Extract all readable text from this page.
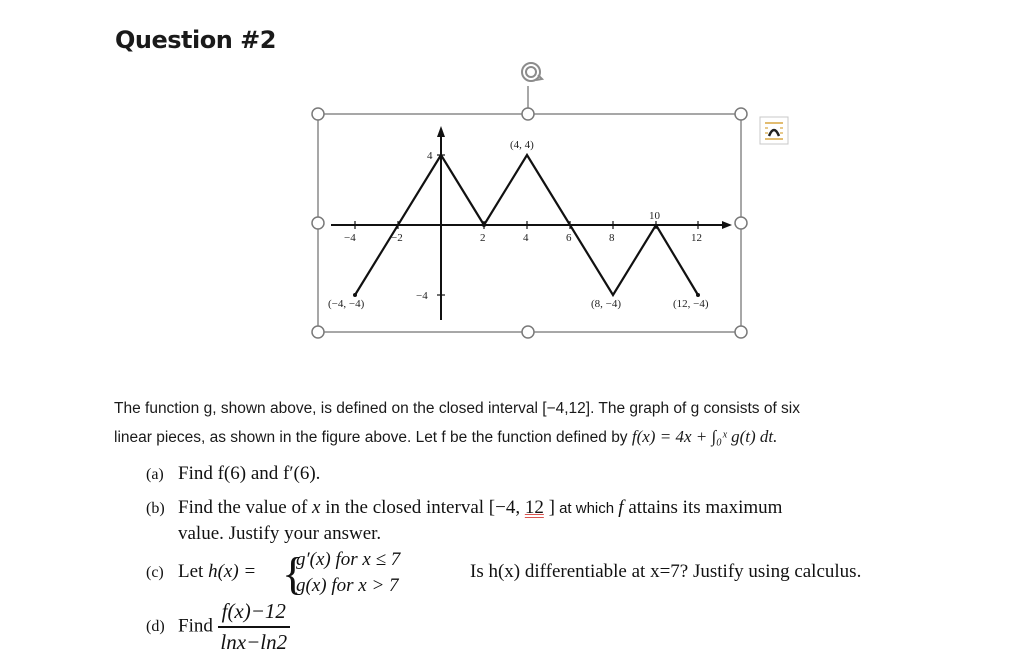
Question #2
−4	−2	2	4	6	8
10
12
4
−4
(4, 4)
(−4, −4)	(8, −4)	(12, −4)
The function g, shown above, is defined on the closed interval [−4,12]. The graph of g consists of six
linear pieces, as shown in the figure above. Let f be the function defined by f(x) = 4x + ∫₀ˣ g(t) dt.
(a) Find f(6) and f′(6).
(b) Find the value of x in the closed interval [−4, 12 ] at which f attains its maximum
value. Justify your answer.
(c) Let h(x) = {
g′(x) for x ≤ 7
g(x) for x > 7
Is h(x) differentiable at x=7? Justify using calculus.
(d) Find $\frac{f(x)-12}{\ln x-\ln 2}$
